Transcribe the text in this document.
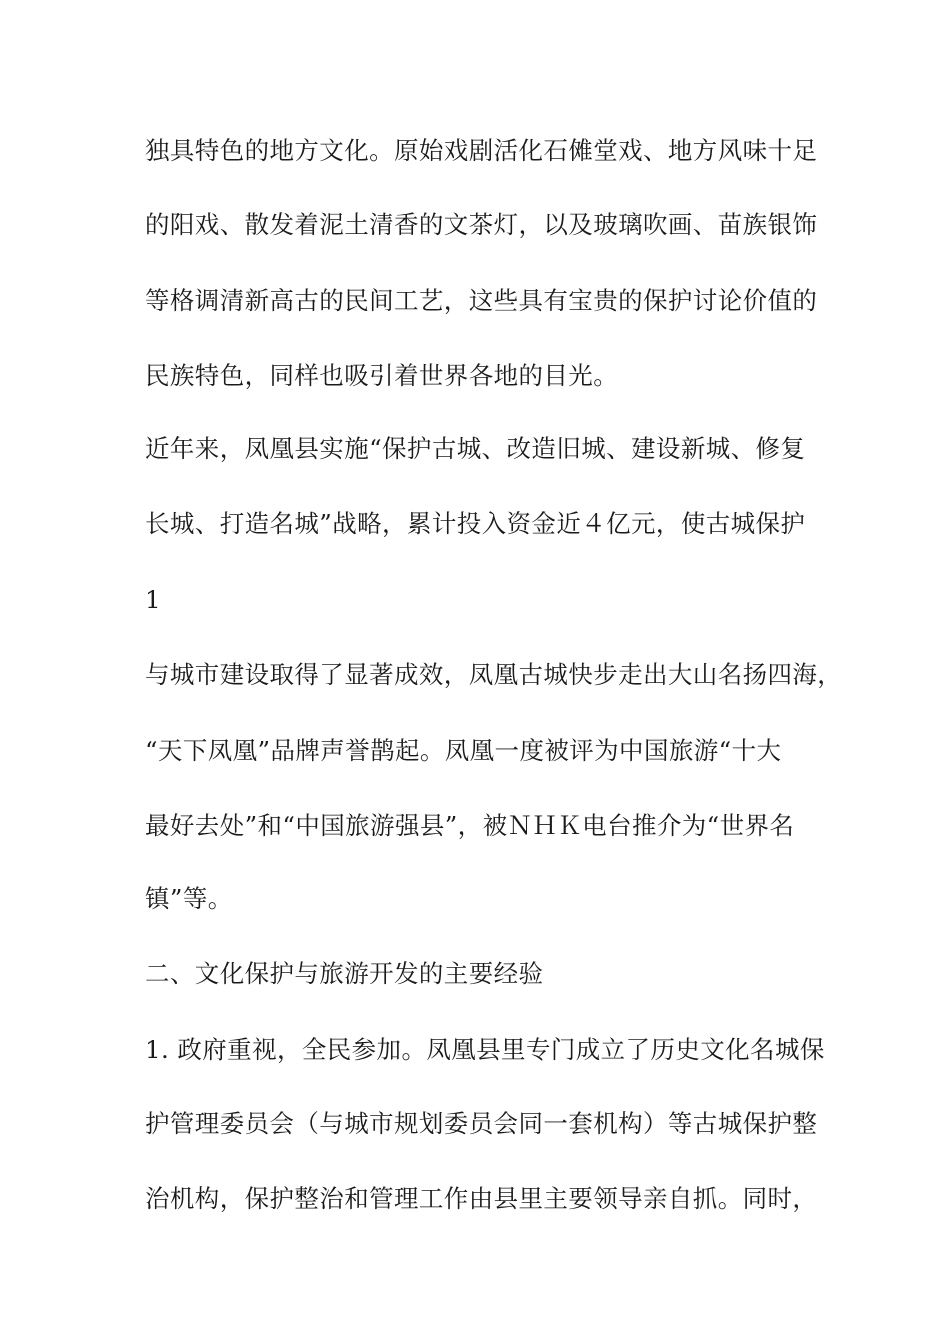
独具特色的地方文化。原始戏剧活化石傩堂戏、地方风味十足
的阳戏、散发着泥土清香的文茶灯，以及玻璃吹画、苗族银饰
等格调清新高古的民间工艺，这些具有宝贵的保护讨论价值的
民族特色，同样也吸引着世界各地的目光。
近年来，凤凰县实施“保护古城、改造旧城、建设新城、修复
长城、打造名城”战略，累计投入资金近４亿元，使古城保护
1
与城市建设取得了显著成效，凤凰古城快步走出大山名扬四海，
“天下凤凰”品牌声誉鹊起。凤凰一度被评为中国旅游“十大
最好去处”和“中国旅游强县”，被ＮＨＫ电台推介为“世界名
镇”等。
二、文化保护与旅游开发的主要经验
1. 政府重视，全民参加。凤凰县里专门成立了历史文化名城保
护管理委员会（与城市规划委员会同一套机构）等古城保护整
治机构，保护整治和管理工作由县里主要领导亲自抓。同时，
